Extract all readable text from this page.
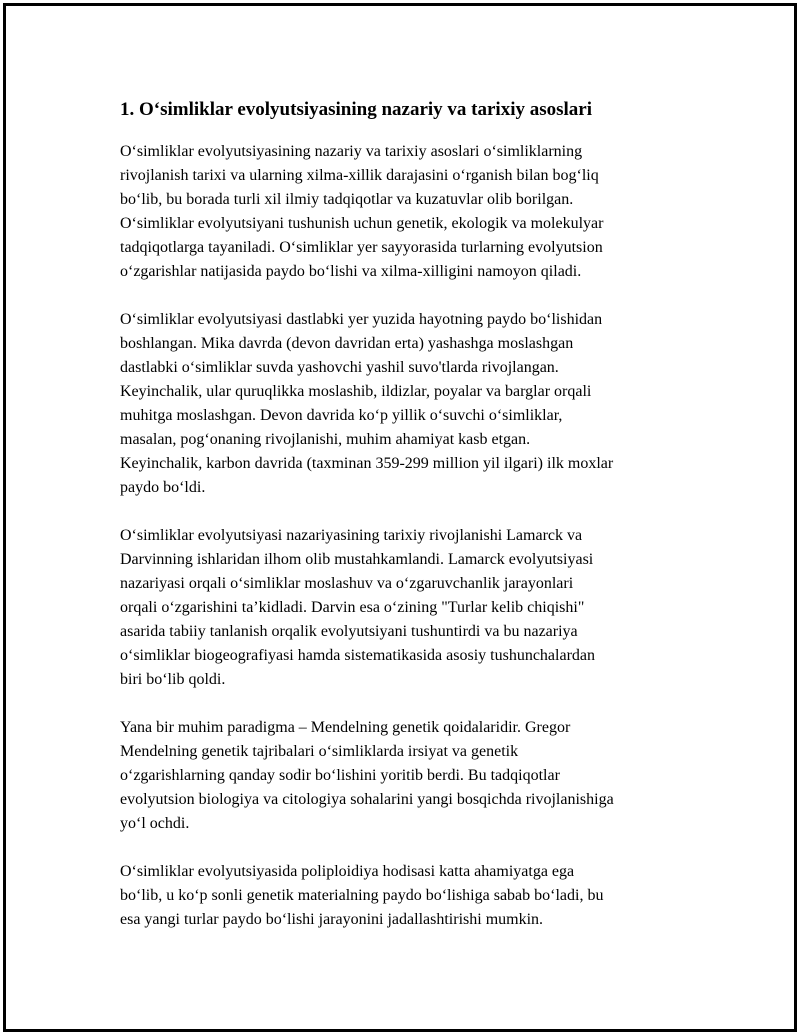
1. O‘simliklar evolyutsiyasining nazariy va tarixiy asoslari

O‘simliklar evolyutsiyasining nazariy va tarixiy asoslari o‘simliklarning
rivojlanish tarixi va ularning xilma-xillik darajasini o‘rganish bilan bog‘liq
bo‘lib, bu borada turli xil ilmiy tadqiqotlar va kuzatuvlar olib borilgan.
O‘simliklar evolyutsiyani tushunish uchun genetik, ekologik va molekulyar
tadqiqotlarga tayaniladi. O‘simliklar yer sayyorasida turlarning evolyutsion
o‘zgarishlar natijasida paydo bo‘lishi va xilma-xilligini namoyon qiladi.

O‘simliklar evolyutsiyasi dastlabki yer yuzida hayotning paydo bo‘lishidan
boshlangan. Mika davrda (devon davridan erta) yashashga moslashgan
dastlabki o‘simliklar suvda yashovchi yashil suvo'tlarda rivojlangan.
Keyinchalik, ular quruqlikka moslashib, ildizlar, poyalar va barglar orqali
muhitga moslashgan. Devon davrida ko‘p yillik o‘suvchi o‘simliklar,
masalan, pog‘onaning rivojlanishi, muhim ahamiyat kasb etgan.
Keyinchalik, karbon davrida (taxminan 359-299 million yil ilgari) ilk moxlar
paydo bo‘ldi.

O‘simliklar evolyutsiyasi nazariyasining tarixiy rivojlanishi Lamarck va
Darvinning ishlaridan ilhom olib mustahkamlandi. Lamarck evolyutsiyasi
nazariyasi orqali o‘simliklar moslashuv va o‘zgaruvchanlik jarayonlari
orqali o‘zgarishini ta’kidladi. Darvin esa o‘zining "Turlar kelib chiqishi"
asarida tabiiy tanlanish orqalik evolyutsiyani tushuntirdi va bu nazariya
o‘simliklar biogeografiyasi hamda sistematikasida asosiy tushunchalardan
biri bo‘lib qoldi.

Yana bir muhim paradigma – Mendelning genetik qoidalaridir. Gregor
Mendelning genetik tajribalari o‘simliklarda irsiyat va genetik
o‘zgarishlarning qanday sodir bo‘lishini yoritib berdi. Bu tadqiqotlar
evolyutsion biologiya va citologiya sohalarini yangi bosqichda rivojlanishiga
yo‘l ochdi.

O‘simliklar evolyutsiyasida poliploidiya hodisasi katta ahamiyatga ega
bo‘lib, u ko‘p sonli genetik materialning paydo bo‘lishiga sabab bo‘ladi, bu
esa yangi turlar paydo bo‘lishi jarayonini jadallashtirishi mumkin.
